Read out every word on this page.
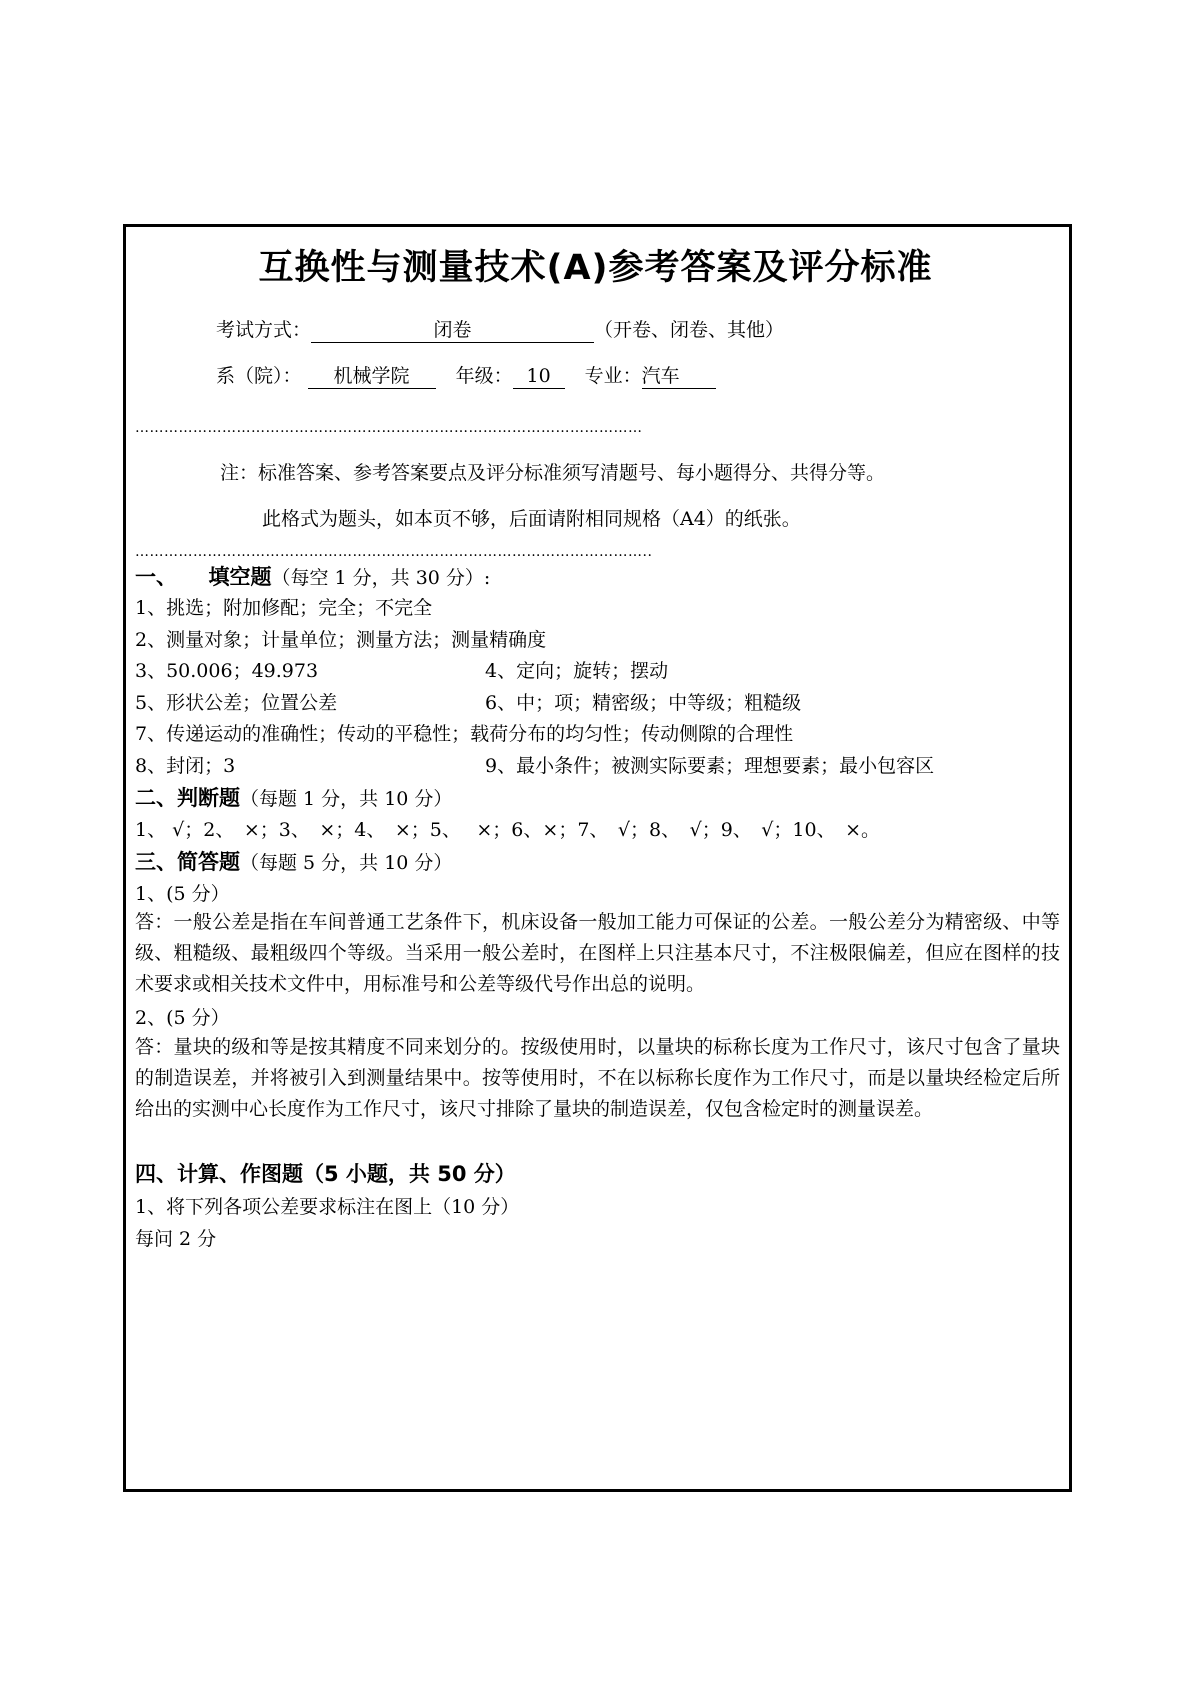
互换性与测量技术(A)参考答案及评分标准
考试方式：	闭卷	（开卷、闭卷、其他）
系（院）： 机械学院 年级： 10 专业：汽车
……………………………………………………………………………………………
注：标准答案、参考答案要点及评分标准须写清题号、每小题得分、共得分等。
此格式为题头，如本页不够，后面请附相同规格（A4）的纸张。
……………………………………………………………………………………………..
一、　　填空题（每空 1 分，共 30 分）:
1、挑选；附加修配；完全；不完全
2、测量对象；计量单位；测量方法；测量精确度
3、50.006；49.973	4、定向；旋转；摆动
5、形状公差；位置公差	6、中；项；精密级；中等级；粗糙级
7、传递运动的准确性；传动的平稳性；载荷分布的均匀性；传动侧隙的合理性
8、封闭；3	9、最小条件；被测实际要素；理想要素；最小包容区
二、判断题（每题 1 分，共 10 分）
1、 √；2、　×；3、　×；4、　×；5、　 ×；6、×；7、　√；8、　√；9、　√；10、　×。
三、简答题（每题 5 分，共 10 分）
1、(5 分）
答：一般公差是指在车间普通工艺条件下，机床设备一般加工能力可保证的公差。一般公差分为精密级、中等级、粗糙级、最粗级四个等级。当采用一般公差时，在图样上只注基本尺寸，不注极限偏差，但应在图样的技术要求或相关技术文件中，用标准号和公差等级代号作出总的说明。
2、(5 分）
答：量块的级和等是按其精度不同来划分的。按级使用时，以量块的标称长度为工作尺寸，该尺寸包含了量块的制造误差，并将被引入到测量结果中。按等使用时，不在以标称长度作为工作尺寸，而是以量块经检定后所给出的实测中心长度作为工作尺寸，该尺寸排除了量块的制造误差，仅包含检定时的测量误差。
四、计算、作图题（5 小题，共 50 分）
1、将下列各项公差要求标注在图上（10 分）
每问 2 分
